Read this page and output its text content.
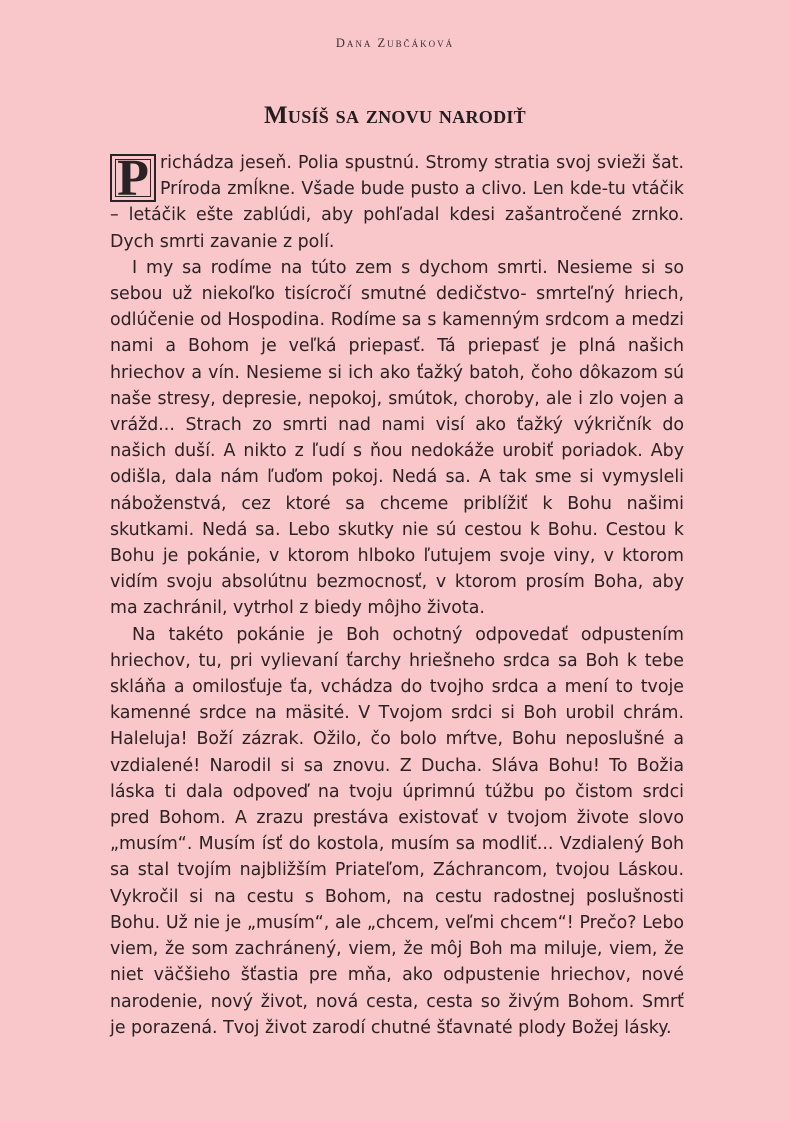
Dana Zubčáková
Musíš sa znovu narodiť

P richádza jeseň. Polia spustnú. Stromy stratia svoj svieži šat. Príroda zmĺkne. Všade bude pusto a clivo. Len kde-tu vtáčik – letáčik ešte zablúdi, aby pohľadal kdesi zašantročené zrnko. Dych smrti zavanie z polí.

I my sa rodíme na túto zem s dychom smrti. Nesieme si so sebou už niekoľko tisícročí smutné dedičstvo- smrteľný hriech, odlúčenie od Hospodina. Rodíme sa s kamenným srdcom a medzi nami a Bohom je veľká priepasť. Tá priepasť je plná našich hriechov a vín. Nesieme si ich ako ťažký batoh, čoho dôkazom sú naše stresy, depresie, nepokoj, smútok, choroby, ale i zlo vojen a vrážd... Strach zo smrti nad nami visí ako ťažký výkričník do našich duší. A nikto z ľudí s ňou nedokáže urobiť poriadok. Aby odišla, dala nám ľuďom pokoj. Nedá sa. A tak sme si vymysleli náboženstvá, cez ktoré sa chceme priblížiť k Bohu našimi skutkami. Nedá sa. Lebo skutky nie sú cestou k Bohu. Cestou k Bohu je pokánie, v ktorom hlboko ľutujem svoje viny, v ktorom vidím svoju absolútnu bezmocnosť, v ktorom prosím Boha, aby ma zachránil, vytrhol z biedy môjho života.

Na takéto pokánie je Boh ochotný odpovedať odpustením hriechov, tu, pri vylievaní ťarchy hriešneho srdca sa Boh k tebe skláňa a omilosťuje ťa, vchádza do tvojho srdca a mení to tvoje kamenné srdce na mäsité. V Tvojom srdci si Boh urobil chrám. Haleluja! Boží zázrak. Ožilo, čo bolo mŕtve, Bohu neposlušné a vzdialené! Narodil si sa znovu. Z Ducha. Sláva Bohu! To Božia láska ti dala odpoveď na tvoju úprimnú túžbu po čistom srdci pred Bohom. A zrazu prestáva existovať v tvojom živote slovo „musím“. Musím ísť do kostola, musím sa modliť... Vzdialený Boh sa stal tvojím najbližším Priateľom, Záchrancom, tvojou Láskou. Vykročil si na cestu s Bohom, na cestu radostnej poslušnosti Bohu. Už nie je „musím“, ale „chcem, veľmi chcem“! Prečo? Lebo viem, že som zachránený, viem, že môj Boh ma miluje, viem, že niet väčšieho šťastia pre mňa, ako odpustenie hriechov, nové narodenie, nový život, nová cesta, cesta so živým Bohom. Smrť je porazená. Tvoj život zarodí chutné šťavnaté plody Božej lásky.
